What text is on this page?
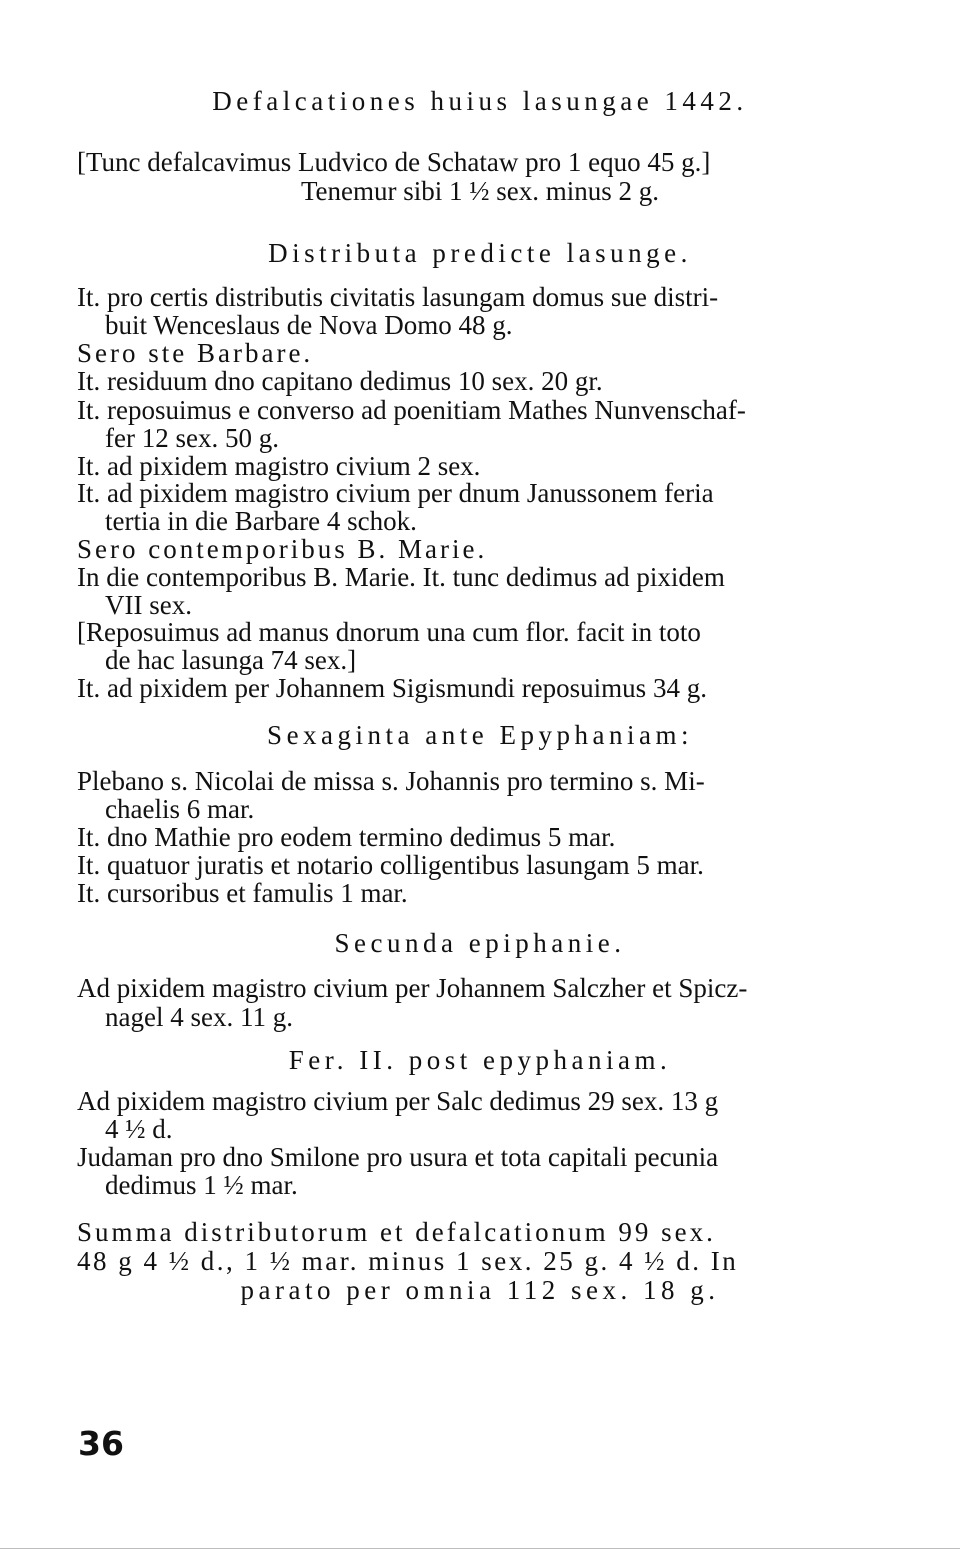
Defalcationes huius lasungae 1442.
[Tunc defalcavimus Ludvico de Schataw pro 1 equo 45 g.]
Tenemur sibi 1 ½ sex. minus 2 g.
Distributa predicte lasunge.
It. pro certis distributis civitatis lasungam domus sue distri-
buit Wenceslaus de Nova Domo 48 g.
Sero ste Barbare.
It. residuum dno capitano dedimus 10 sex. 20 gr.
It. reposuimus e converso ad poenitiam Mathes Nunvenschaf-
fer 12 sex. 50 g.
It. ad pixidem magistro civium 2 sex.
It. ad pixidem magistro civium per dnum Janussonem feria
tertia in die Barbare 4 schok.
Sero contemporibus B. Marie.
In die contemporibus B. Marie. It. tunc dedimus ad pixidem
VII sex.
[Reposuimus ad manus dnorum una cum flor. facit in toto
de hac lasunga 74 sex.]
It. ad pixidem per Johannem Sigismundi reposuimus 34 g.
Sexaginta ante Epyphaniam:
Plebano s. Nicolai de missa s. Johannis pro termino s. Mi-
chaelis 6 mar.
It. dno Mathie pro eodem termino dedimus 5 mar.
It. quatuor juratis et notario colligentibus lasungam 5 mar.
It. cursoribus et famulis 1 mar.
Secunda epiphanie.
Ad pixidem magistro civium per Johannem Salczher et Spicz-
nagel 4 sex. 11 g.
Fer. II. post epyphaniam.
Ad pixidem magistro civium per Salc dedimus 29 sex. 13 g
4 ½ d.
Judaman pro dno Smilone pro usura et tota capitali pecunia
dedimus 1 ½ mar.
Summa distributorum et defalcationum 99 sex.
48 g 4 ½ d., 1 ½ mar. minus 1 sex. 25 g. 4 ½ d. In
parato per omnia 112 sex. 18 g.
36
